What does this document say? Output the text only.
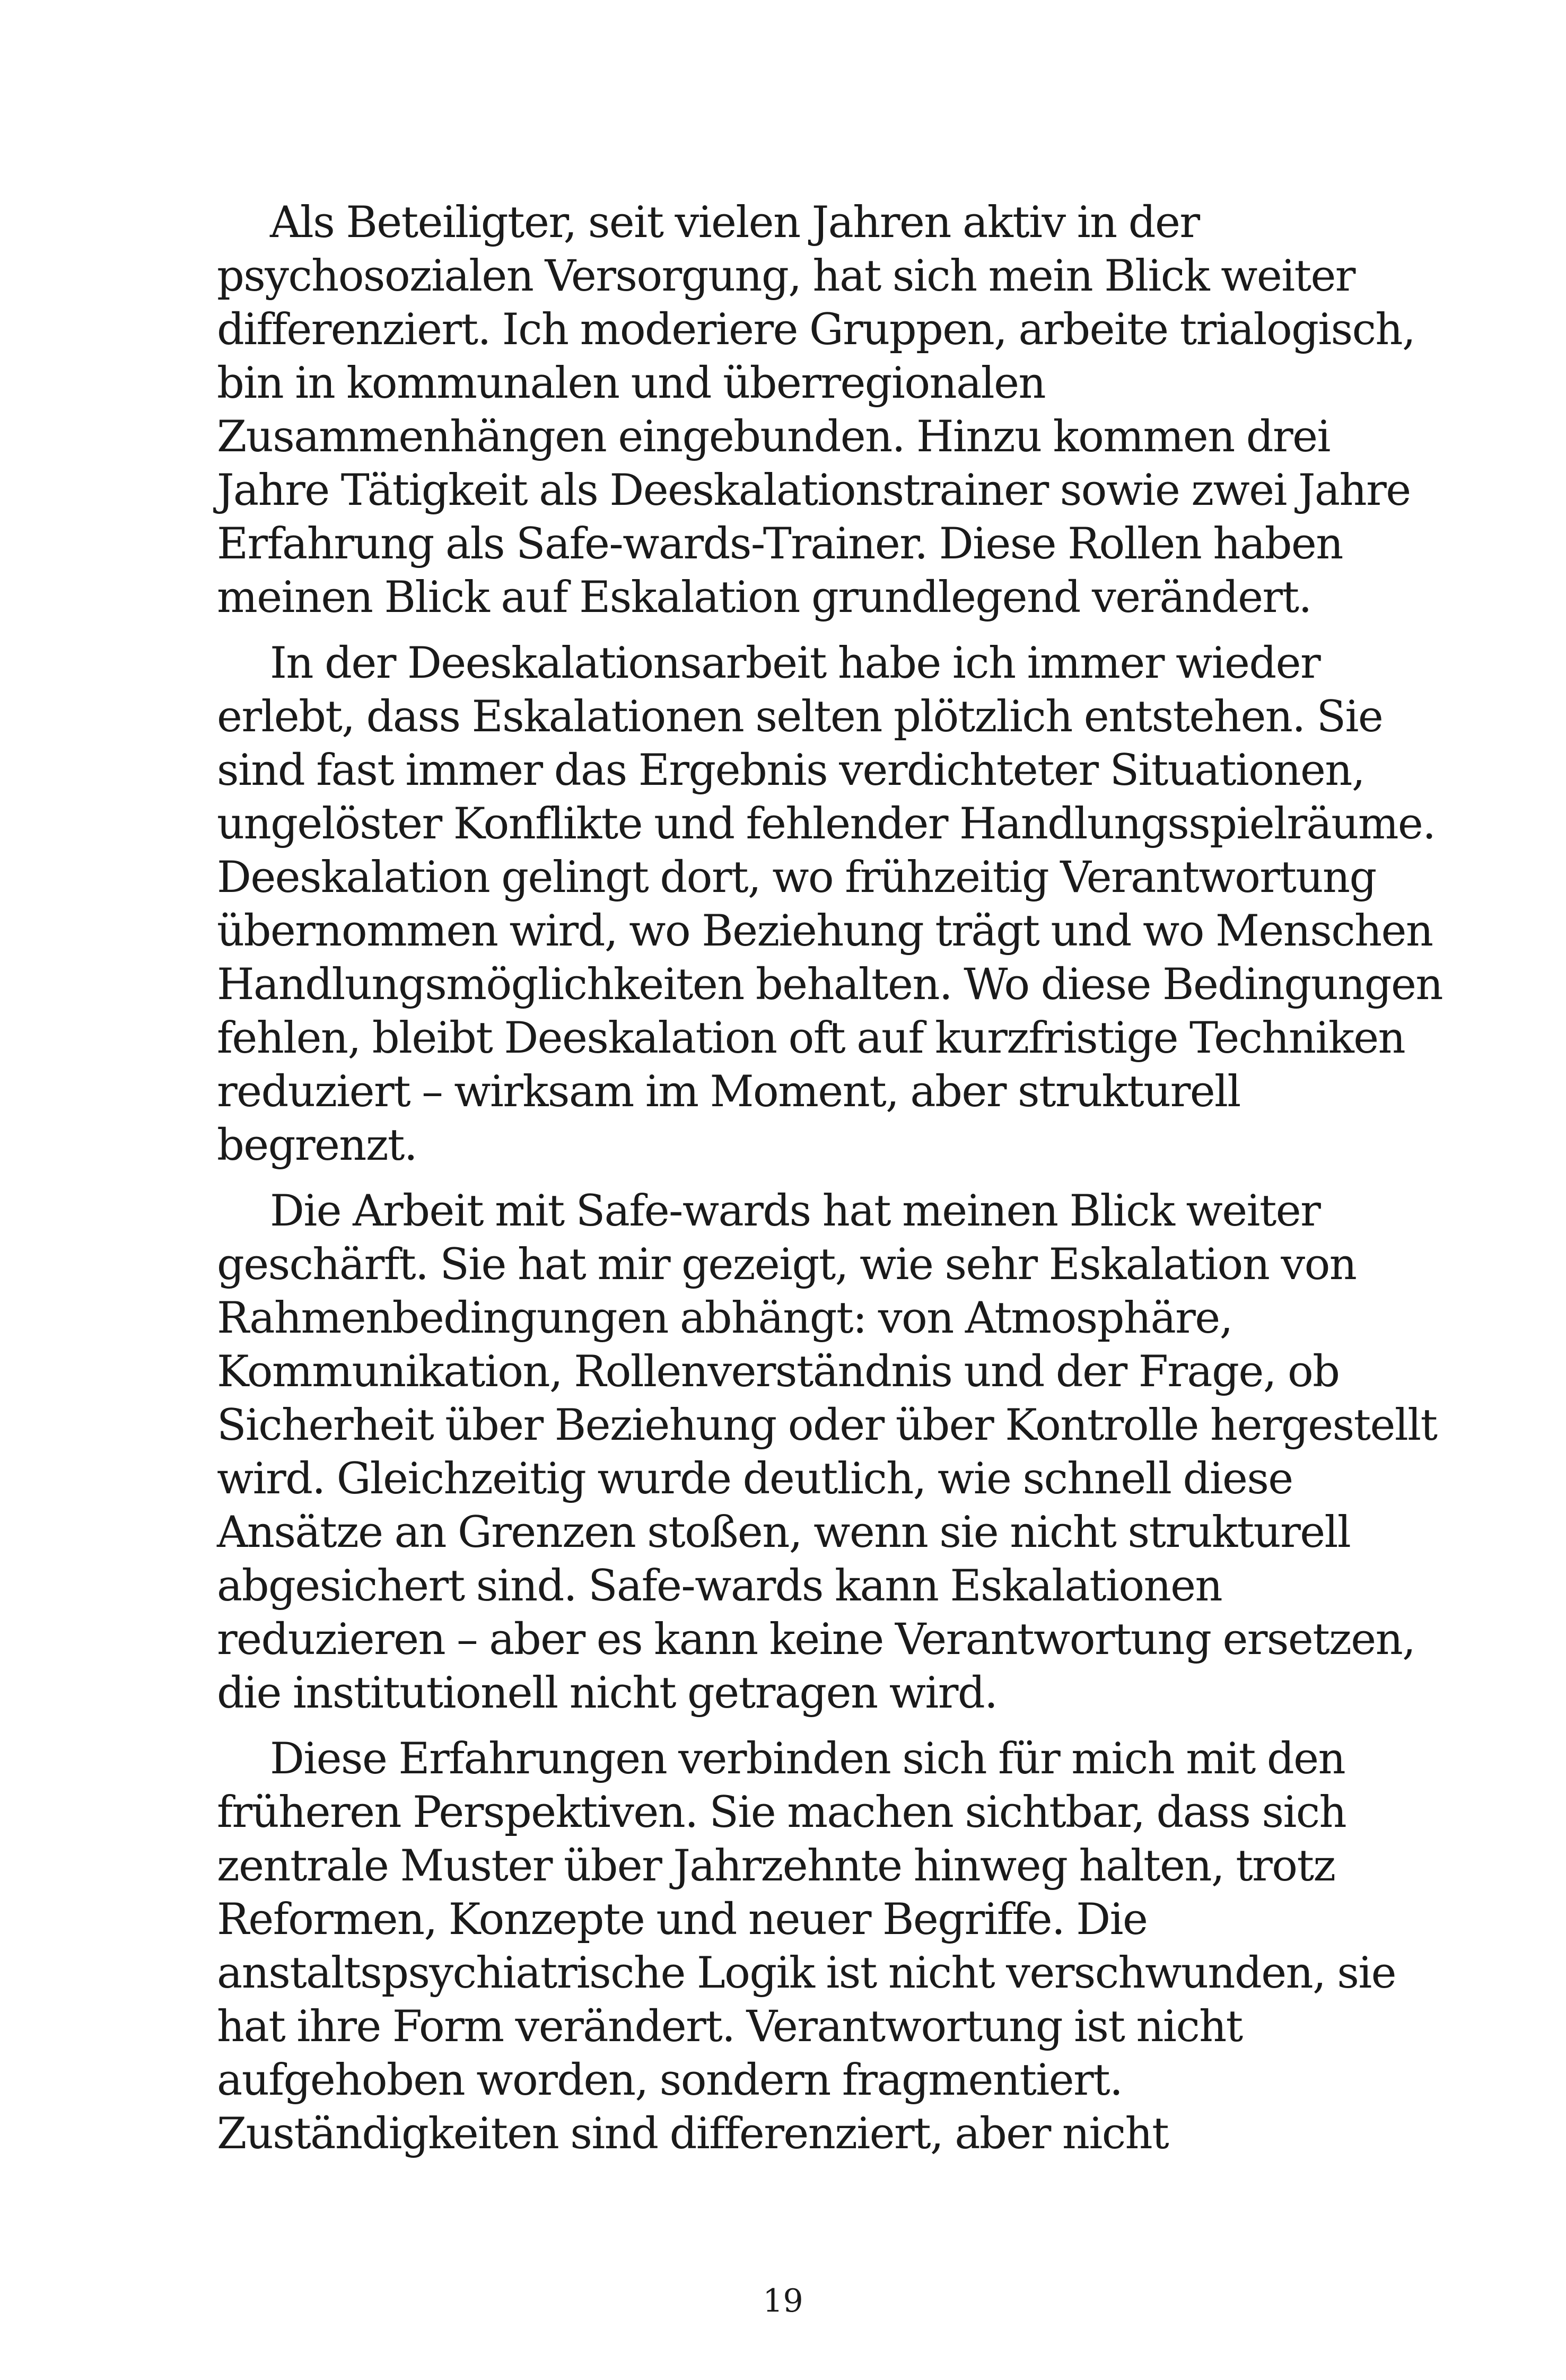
Als Beteiligter, seit vielen Jahren aktiv in der
psychosozialen Versorgung, hat sich mein Blick weiter
differenziert. Ich moderiere Gruppen, arbeite trialogisch,
bin in kommunalen und überregionalen
Zusammenhängen eingebunden. Hinzu kommen drei
Jahre Tätigkeit als Deeskalationstrainer sowie zwei Jahre
Erfahrung als Safe-wards-Trainer. Diese Rollen haben
meinen Blick auf Eskalation grundlegend verändert.
In der Deeskalationsarbeit habe ich immer wieder
erlebt, dass Eskalationen selten plötzlich entstehen. Sie
sind fast immer das Ergebnis verdichteter Situationen,
ungelöster Konflikte und fehlender Handlungsspielräume.
Deeskalation gelingt dort, wo frühzeitig Verantwortung
übernommen wird, wo Beziehung trägt und wo Menschen
Handlungsmöglichkeiten behalten. Wo diese Bedingungen
fehlen, bleibt Deeskalation oft auf kurzfristige Techniken
reduziert – wirksam im Moment, aber strukturell
begrenzt.
Die Arbeit mit Safe-wards hat meinen Blick weiter
geschärft. Sie hat mir gezeigt, wie sehr Eskalation von
Rahmenbedingungen abhängt: von Atmosphäre,
Kommunikation, Rollenverständnis und der Frage, ob
Sicherheit über Beziehung oder über Kontrolle hergestellt
wird. Gleichzeitig wurde deutlich, wie schnell diese
Ansätze an Grenzen stoßen, wenn sie nicht strukturell
abgesichert sind. Safe-wards kann Eskalationen
reduzieren – aber es kann keine Verantwortung ersetzen,
die institutionell nicht getragen wird.
Diese Erfahrungen verbinden sich für mich mit den
früheren Perspektiven. Sie machen sichtbar, dass sich
zentrale Muster über Jahrzehnte hinweg halten, trotz
Reformen, Konzepte und neuer Begriffe. Die
anstaltspsychiatrische Logik ist nicht verschwunden, sie
hat ihre Form verändert. Verantwortung ist nicht
aufgehoben worden, sondern fragmentiert.
Zuständigkeiten sind differenziert, aber nicht
19
